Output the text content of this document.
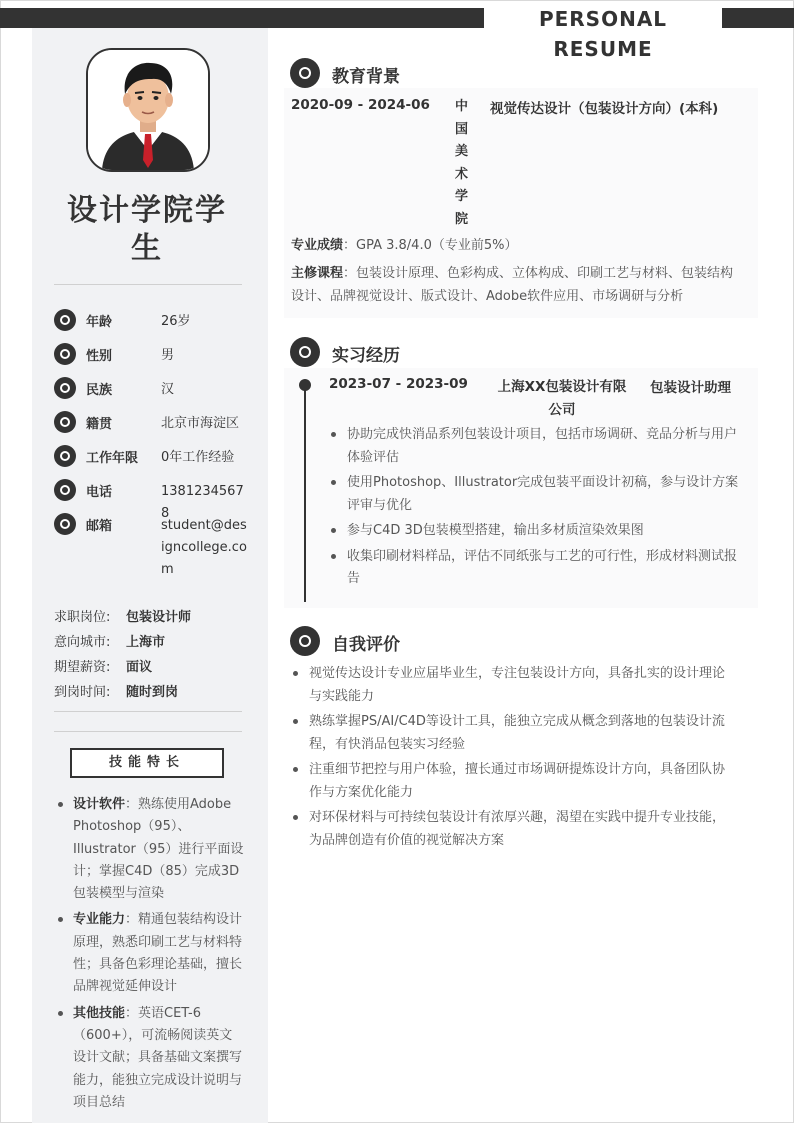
PERSONAL RESUME
设计学院学生
年龄	26岁
性别	男
民族	汉
籍贯	北京市海淀区
工作年限 0年工作经验
电话	13812345678
邮箱	student@designcollege.com
求职岗位: 包装设计师
意向城市: 上海市
期望薪资: 面议
到岗时间: 随时到岗
技能特长
设计软件：熟练使用Adobe Photoshop（95）、Illustrator（95）进行平面设计；掌握C4D（85）完成3D包装模型与渲染
专业能力：精通包装结构设计原理，熟悉印刷工艺与材料特性；具备色彩理论基础，擅长品牌视觉延伸设计
其他技能：英语CET-6（600+），可流畅阅读英文设计文献；具备基础文案撰写能力，能独立完成设计说明与项目总结
教育背景
2020-09 - 2024-06 中国美术学院
视觉传达设计（包装设计方向）(本科)
专业成绩：GPA 3.8/4.0（专业前5%）
主修课程：包装设计原理、色彩构成、立体构成、印刷工艺与材料、包装结构设计、品牌视觉设计、版式设计、Adobe软件应用、市场调研与分析
实习经历
2023-07 - 2023-09 上海XX包装设计有限公司
包装设计助理
协助完成快消品系列包装设计项目，包括市场调研、竞品分析与用户体验评估
使用Photoshop、Illustrator完成包装平面设计初稿，参与设计方案评审与优化
参与C4D 3D包装模型搭建，输出多材质渲染效果图
收集印刷材料样品，评估不同纸张与工艺的可行性，形成材料测试报告
自我评价
视觉传达设计专业应届毕业生，专注包装设计方向，具备扎实的设计理论与实践能力
熟练掌握PS/AI/C4D等设计工具，能独立完成从概念到落地的包装设计流程，有快消品包装实习经验
注重细节把控与用户体验，擅长通过市场调研提炼设计方向，具备团队协作与方案优化能力
对环保材料与可持续包装设计有浓厚兴趣，渴望在实践中提升专业技能，为品牌创造有价值的视觉解决方案
